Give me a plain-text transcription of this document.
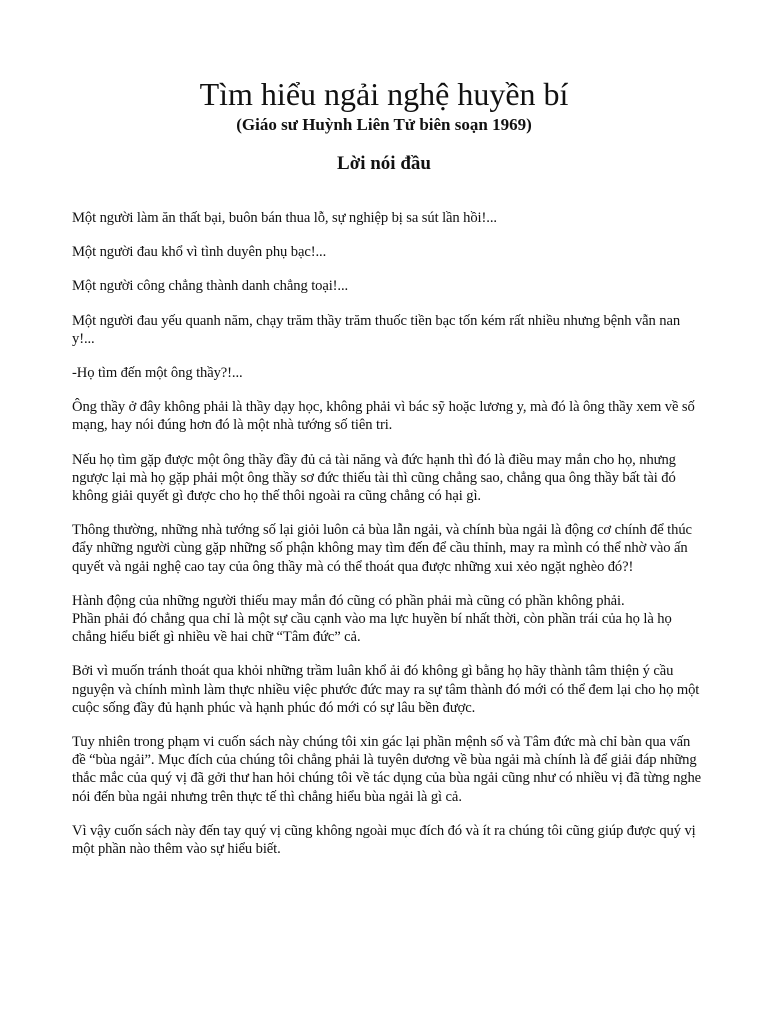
Tìm hiểu ngải nghệ huyền bí
(Giáo sư Huỳnh Liên Tử biên soạn 1969)
Lời nói đầu

Một người làm ăn thất bại, buôn bán thua lỗ, sự nghiệp bị sa sút lần hồi!...

Một người đau khổ vì tình duyên phụ bạc!...

Một người công chẳng thành danh chẳng toại!...

Một người đau yếu quanh năm, chạy trăm thầy trăm thuốc tiền bạc tốn kém rất nhiều nhưng bệnh vẫn nan y!...

-Họ tìm đến một ông thầy?!...

Ông thầy ở đây không phải là thầy dạy học, không phải vì bác sỹ hoặc lương y, mà đó là ông thầy xem về số mạng, hay nói đúng hơn đó là một nhà tướng số tiên tri.

Nếu họ tìm gặp được một ông thầy đầy đủ cả tài năng và đức hạnh thì đó là điều may mắn cho họ, nhưng ngược lại mà họ gặp phải một ông thầy sơ đức thiếu tài thì cũng chẳng sao, chẳng qua ông thầy bất tài đó không giải quyết gì được cho họ thế thôi ngoài ra cũng chẳng có hại gì.

Thông thường, những nhà tướng số lại giỏi luôn cả bùa lẫn ngải, và chính bùa ngải là động cơ chính để thúc đẩy những người cùng gặp những số phận không may tìm đến để cầu thỉnh, may ra mình có thể nhờ vào ấn quyết và ngải nghệ cao tay của ông thầy mà có thể thoát qua được những xui xẻo ngặt nghèo đó?!

Hành động của những người thiếu may mắn đó cũng có phần phải mà cũng có phần không phải.

Phần phải đó chẳng qua chỉ là một sự cầu cạnh vào ma lực huyền bí nhất thời, còn phần trái của họ là họ chẳng hiểu biết gì nhiều về hai chữ “Tâm đức” cả.

Bởi vì muốn tránh thoát qua khỏi những trầm luân khổ ải đó không gì bằng họ hãy thành tâm thiện ý cầu nguyện và chính mình làm thực nhiều việc phước đức may ra sự tâm thành đó mới có thể đem lại cho họ một cuộc sống đầy đủ hạnh phúc và hạnh phúc đó mới có sự lâu bền được.

Tuy nhiên trong phạm vi cuốn sách này chúng tôi xin gác lại phần mệnh số và Tâm đức mà chỉ bàn qua vấn đề “bùa ngải”. Mục đích của chúng tôi chẳng phải là tuyên dương về bùa ngải mà chính là để giải đáp những thắc mắc của quý vị đã gởi thư han hỏi chúng tôi về tác dụng của bùa ngải cũng như có nhiều vị đã từng nghe nói đến bùa ngải nhưng trên thực tế thì chẳng hiểu bùa ngải là gì cả.

Vì vậy cuốn sách này đến tay quý vị cũng không ngoài mục đích đó và ít ra chúng tôi cũng giúp được quý vị một phần nào thêm vào sự hiểu biết.
